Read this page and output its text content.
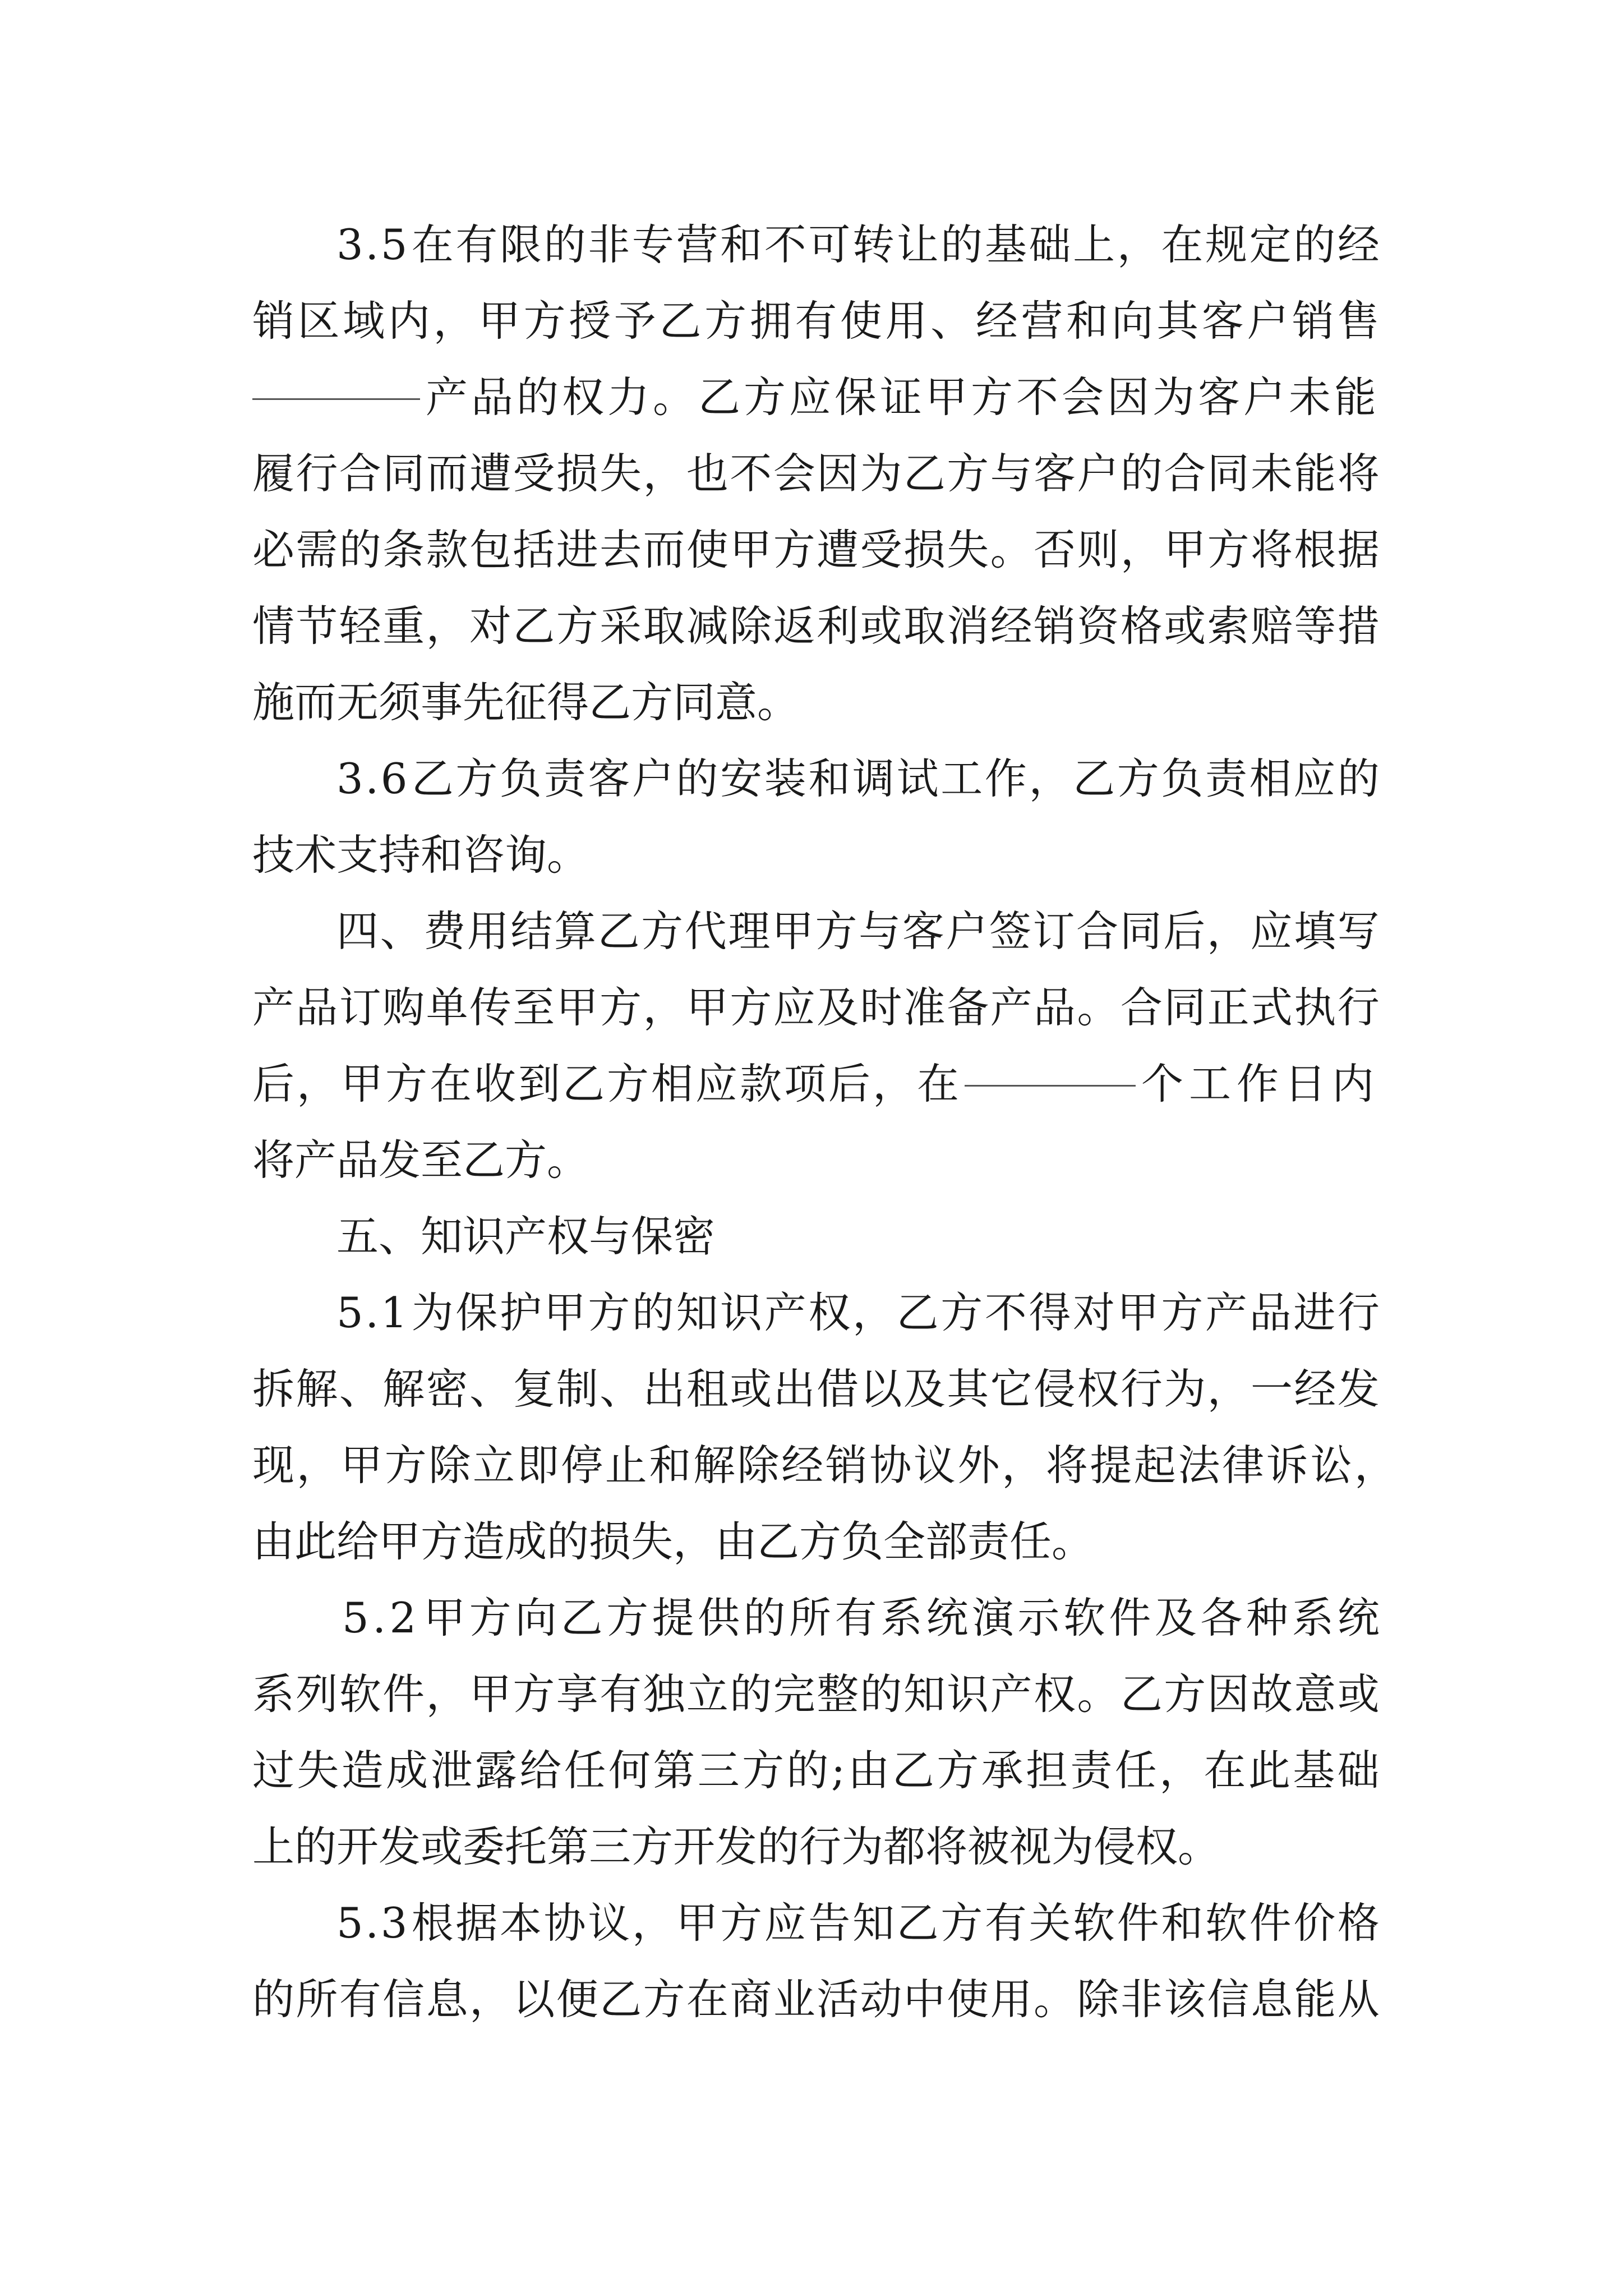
3 . 5 在 有 限 的 非 专 营 和 不 可 转 让 的 基 础 上 ， 在 规 定 的 经
销 区 域 内 ， 甲 方 授 予 乙 方 拥 有 使 用 、 经 营 和 向 其 客 户 销 售
产品的权力。乙方应保证甲方不会因为客户未能
履 行 合 同 而 遭 受 损 失 ， 也 不 会 因 为 乙 方 与 客 户 的 合 同 未 能 将
必 需 的 条 款 包 括 进 去 而 使 甲 方 遭 受 损 失 。 否 则 ， 甲 方 将 根 据
情 节 轻 重 ， 对 乙 方 采 取 减 除 返 利 或 取 消 经 销 资 格 或 索 赔 等 措
施而无须事先征得乙方同意。
3 . 6 乙 方 负 责 客 户 的 安 装 和 调 试 工 作 ， 乙 方 负 责 相 应 的
技术支持和咨询。
四 、 费 用 结 算 乙 方 代 理 甲 方 与 客 户 签 订 合 同 后 ， 应 填 写
产 品 订 购 单 传 至 甲 方 ， 甲 方 应 及 时 准 备 产 品 。 合 同 正 式 执 行
后，甲方在收到乙方相应款项后，在	个工作日内
将产品发至乙方。
五、知识产权与保密
5 . 1 为 保 护 甲 方 的 知 识 产 权 ， 乙 方 不 得 对 甲 方 产 品 进 行
拆 解 、 解 密 、 复 制 、 出 租 或 出 借 以 及 其 它 侵 权 行 为 ， 一 经 发
现 ， 甲 方 除 立 即 停 止 和 解 除 经 销 协 议 外 ， 将 提 起 法 律 诉 讼 ，
由此给甲方造成的损失，由乙方负全部责任。
5 . 2 甲 方 向 乙 方 提 供 的 所 有 系 统 演 示 软 件 及 各 种 系 统
系 列 软 件 ， 甲 方 享 有 独 立 的 完 整 的 知 识 产 权 。 乙 方 因 故 意 或
过 失 造 成 泄 露 给 任 何 第 三 方 的 ; 由 乙 方 承 担 责 任 ， 在 此 基 础
上的开发或委托第三方开发的行为都将被视为侵权。
5 . 3 根 据 本 协 议 ， 甲 方 应 告 知 乙 方 有 关 软 件 和 软 件 价 格
的 所 有 信 息 ， 以 便 乙 方 在 商 业 活 动 中 使 用 。 除 非 该 信 息 能 从
